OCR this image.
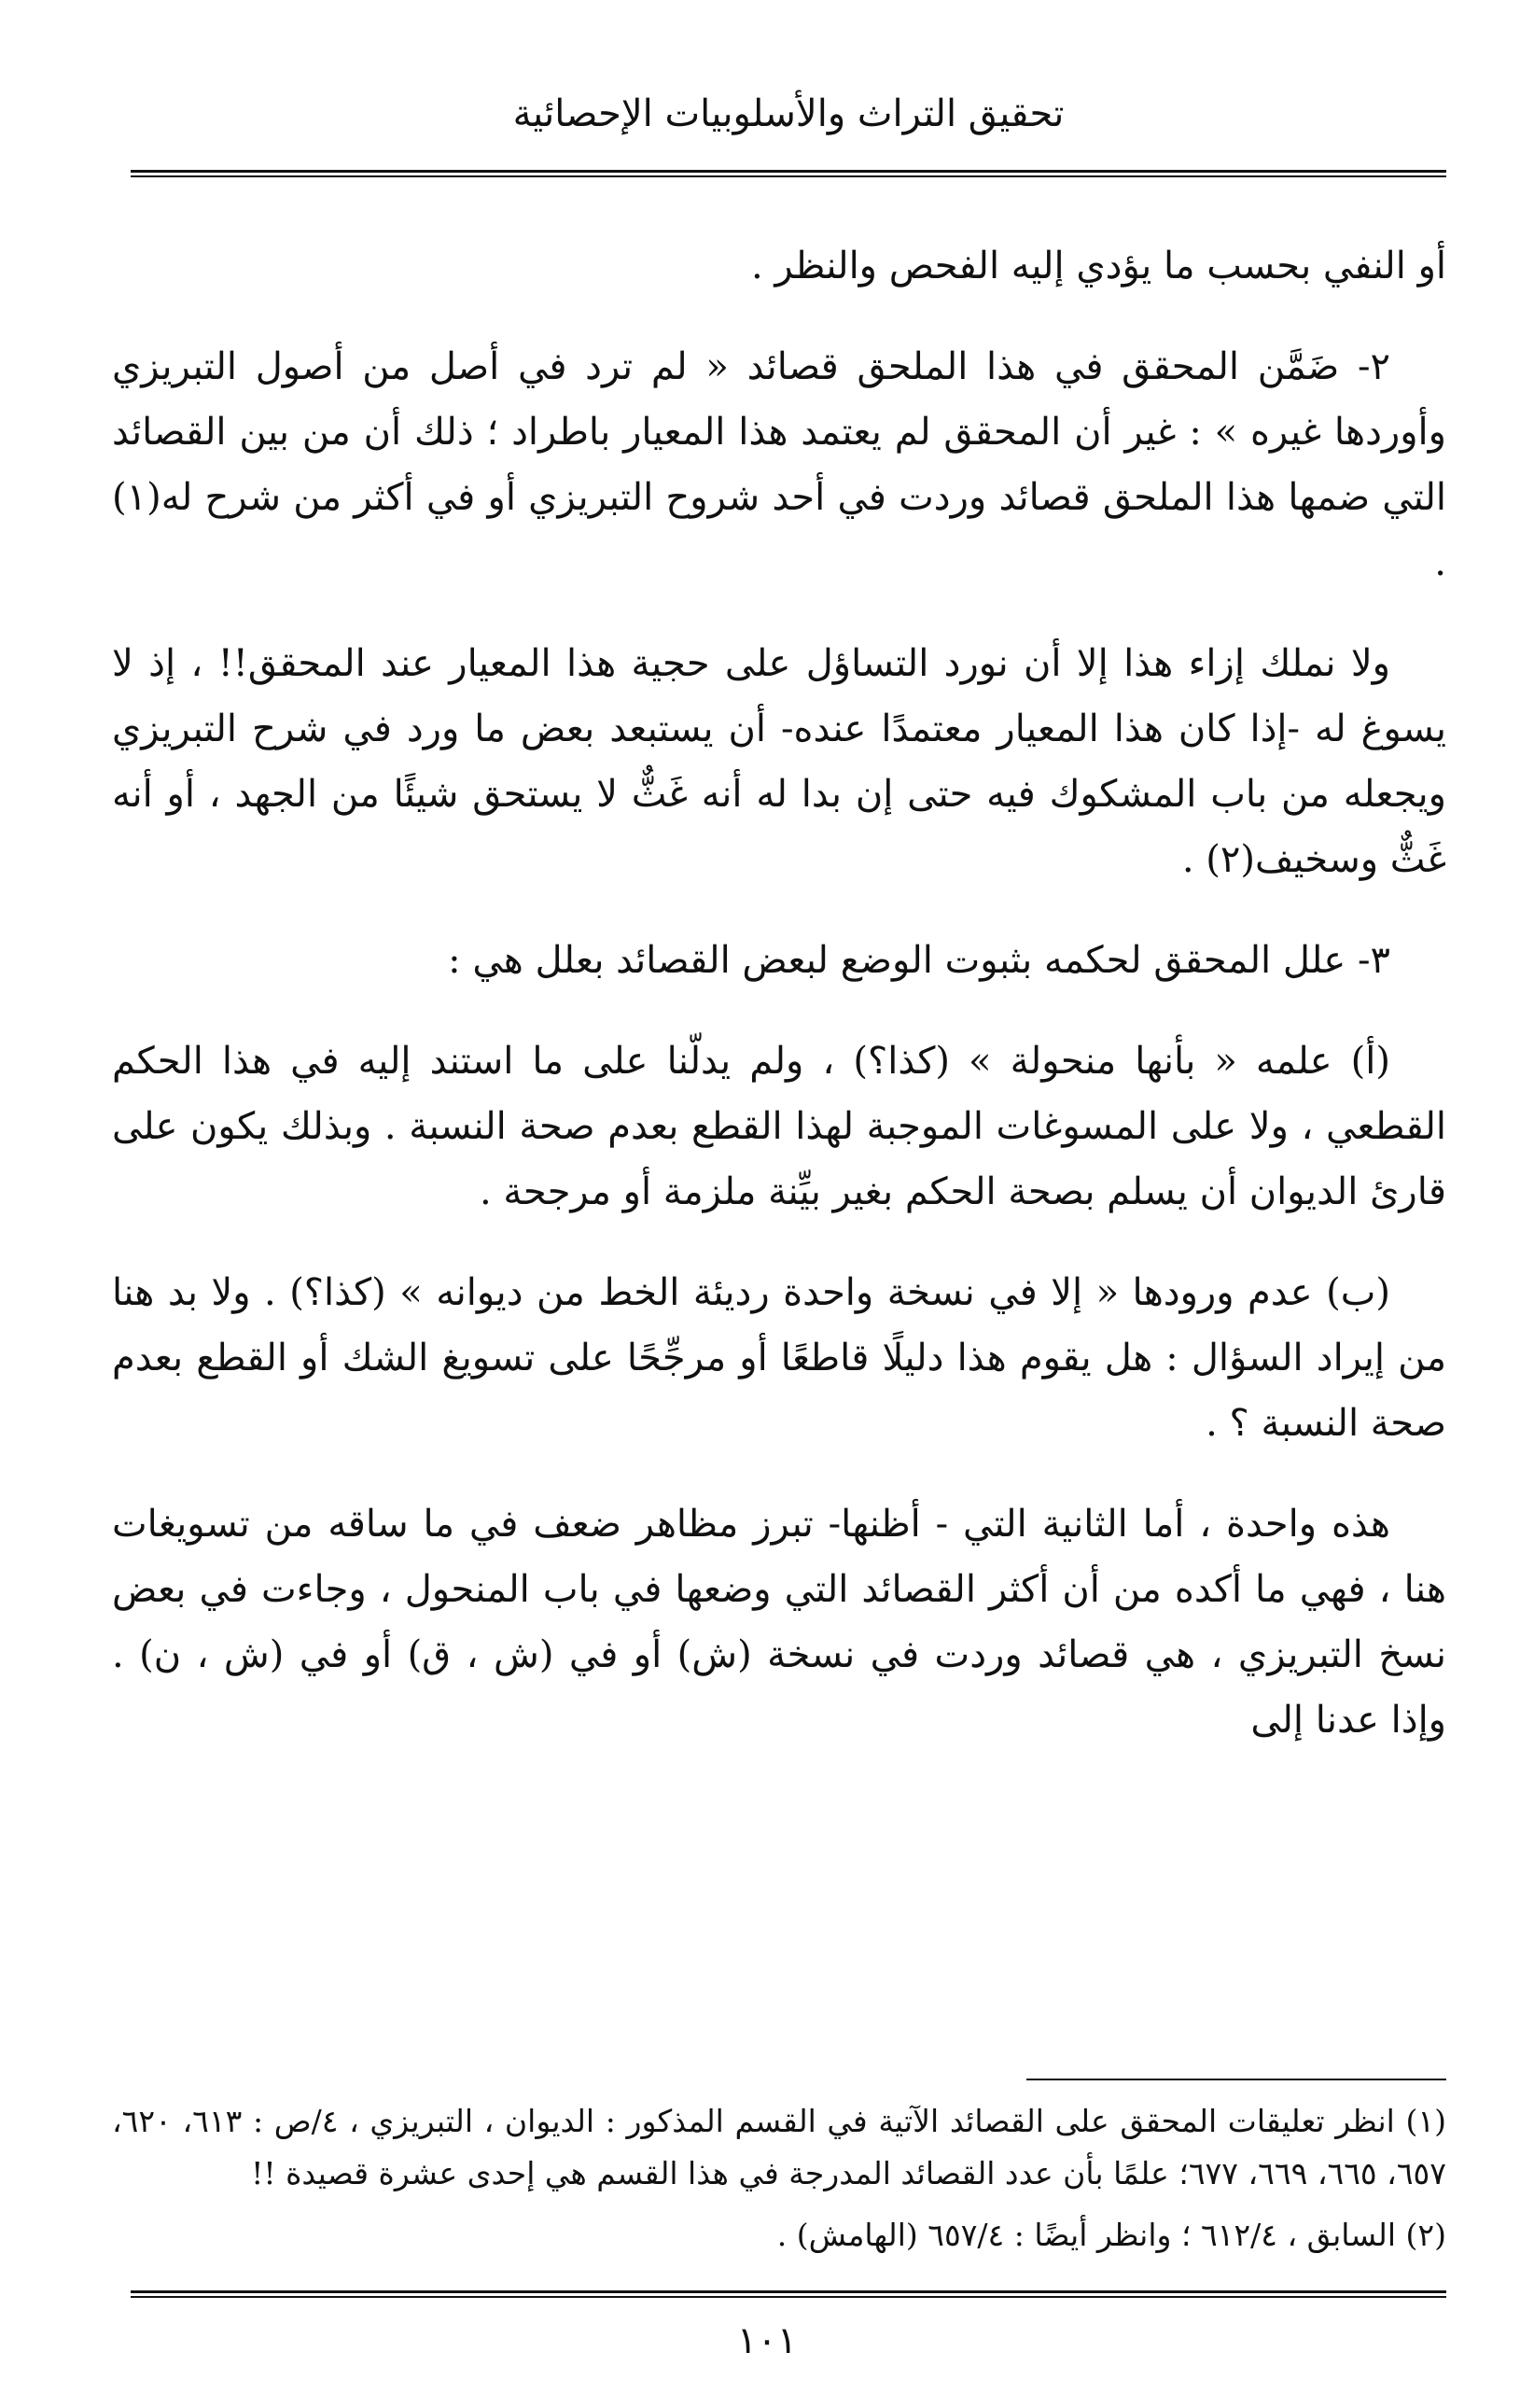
تحقيق التراث والأسلوبيات الإحصائية

أو النفي بحسب ما يؤدي إليه الفحص والنظر .

٢- ضَمَّن المحقق في هذا الملحق قصائد « لم ترد في أصل من أصول التبريزي وأوردها غيره » : غير أن المحقق لم يعتمد هذا المعيار باطراد ؛ ذلك أن من بين القصائد التي ضمها هذا الملحق قصائد وردت في أحد شروح التبريزي أو في أكثر من شرح له(١) .

ولا نملك إزاء هذا إلا أن نورد التساؤل على حجية هذا المعيار عند المحقق!! ، إذ لا يسوغ له -إذا كان هذا المعيار معتمدًا عنده- أن يستبعد بعض ما ورد في شرح التبريزي ويجعله من باب المشكوك فيه حتى إن بدا له أنه غَثٌّ لا يستحق شيئًا من الجهد ، أو أنه غَثٌّ وسخيف(٢) .

٣- علل المحقق لحكمه بثبوت الوضع لبعض القصائد بعلل هي :

(أ) علمه « بأنها منحولة » (كذا؟) ، ولم يدلّنا على ما استند إليه في هذا الحكم القطعي ، ولا على المسوغات الموجبة لهذا القطع بعدم صحة النسبة . وبذلك يكون على قارئ الديوان أن يسلم بصحة الحكم بغير بيِّنة ملزمة أو مرجحة .

(ب) عدم ورودها « إلا في نسخة واحدة رديئة الخط من ديوانه » (كذا؟) . ولا بد هنا من إيراد السؤال : هل يقوم هذا دليلًا قاطعًا أو مرجِّحًا على تسويغ الشك أو القطع بعدم صحة النسبة ؟ .

هذه واحدة ، أما الثانية التي - أظنها- تبرز مظاهر ضعف في ما ساقه من تسويغات هنا ، فهي ما أكده من أن أكثر القصائد التي وضعها في باب المنحول ، وجاءت في بعض نسخ التبريزي ، هي قصائد وردت في نسخة (ش) أو في (ش ، ق) أو في (ش ، ن) . وإذا عدنا إلى

(١) انظر تعليقات المحقق على القصائد الآتية في القسم المذكور : الديوان ، التبريزي ، ٤/ص : ٦١٣، ٦٢٠، ٦٥٧، ٦٦٥، ٦٦٩، ٦٧٧؛ علمًا بأن عدد القصائد المدرجة في هذا القسم هي إحدى عشرة قصيدة !!

(٢) السابق ، ٦١٢/٤ ؛ وانظر أيضًا : ٦٥٧/٤ (الهامش) .

١٠١
